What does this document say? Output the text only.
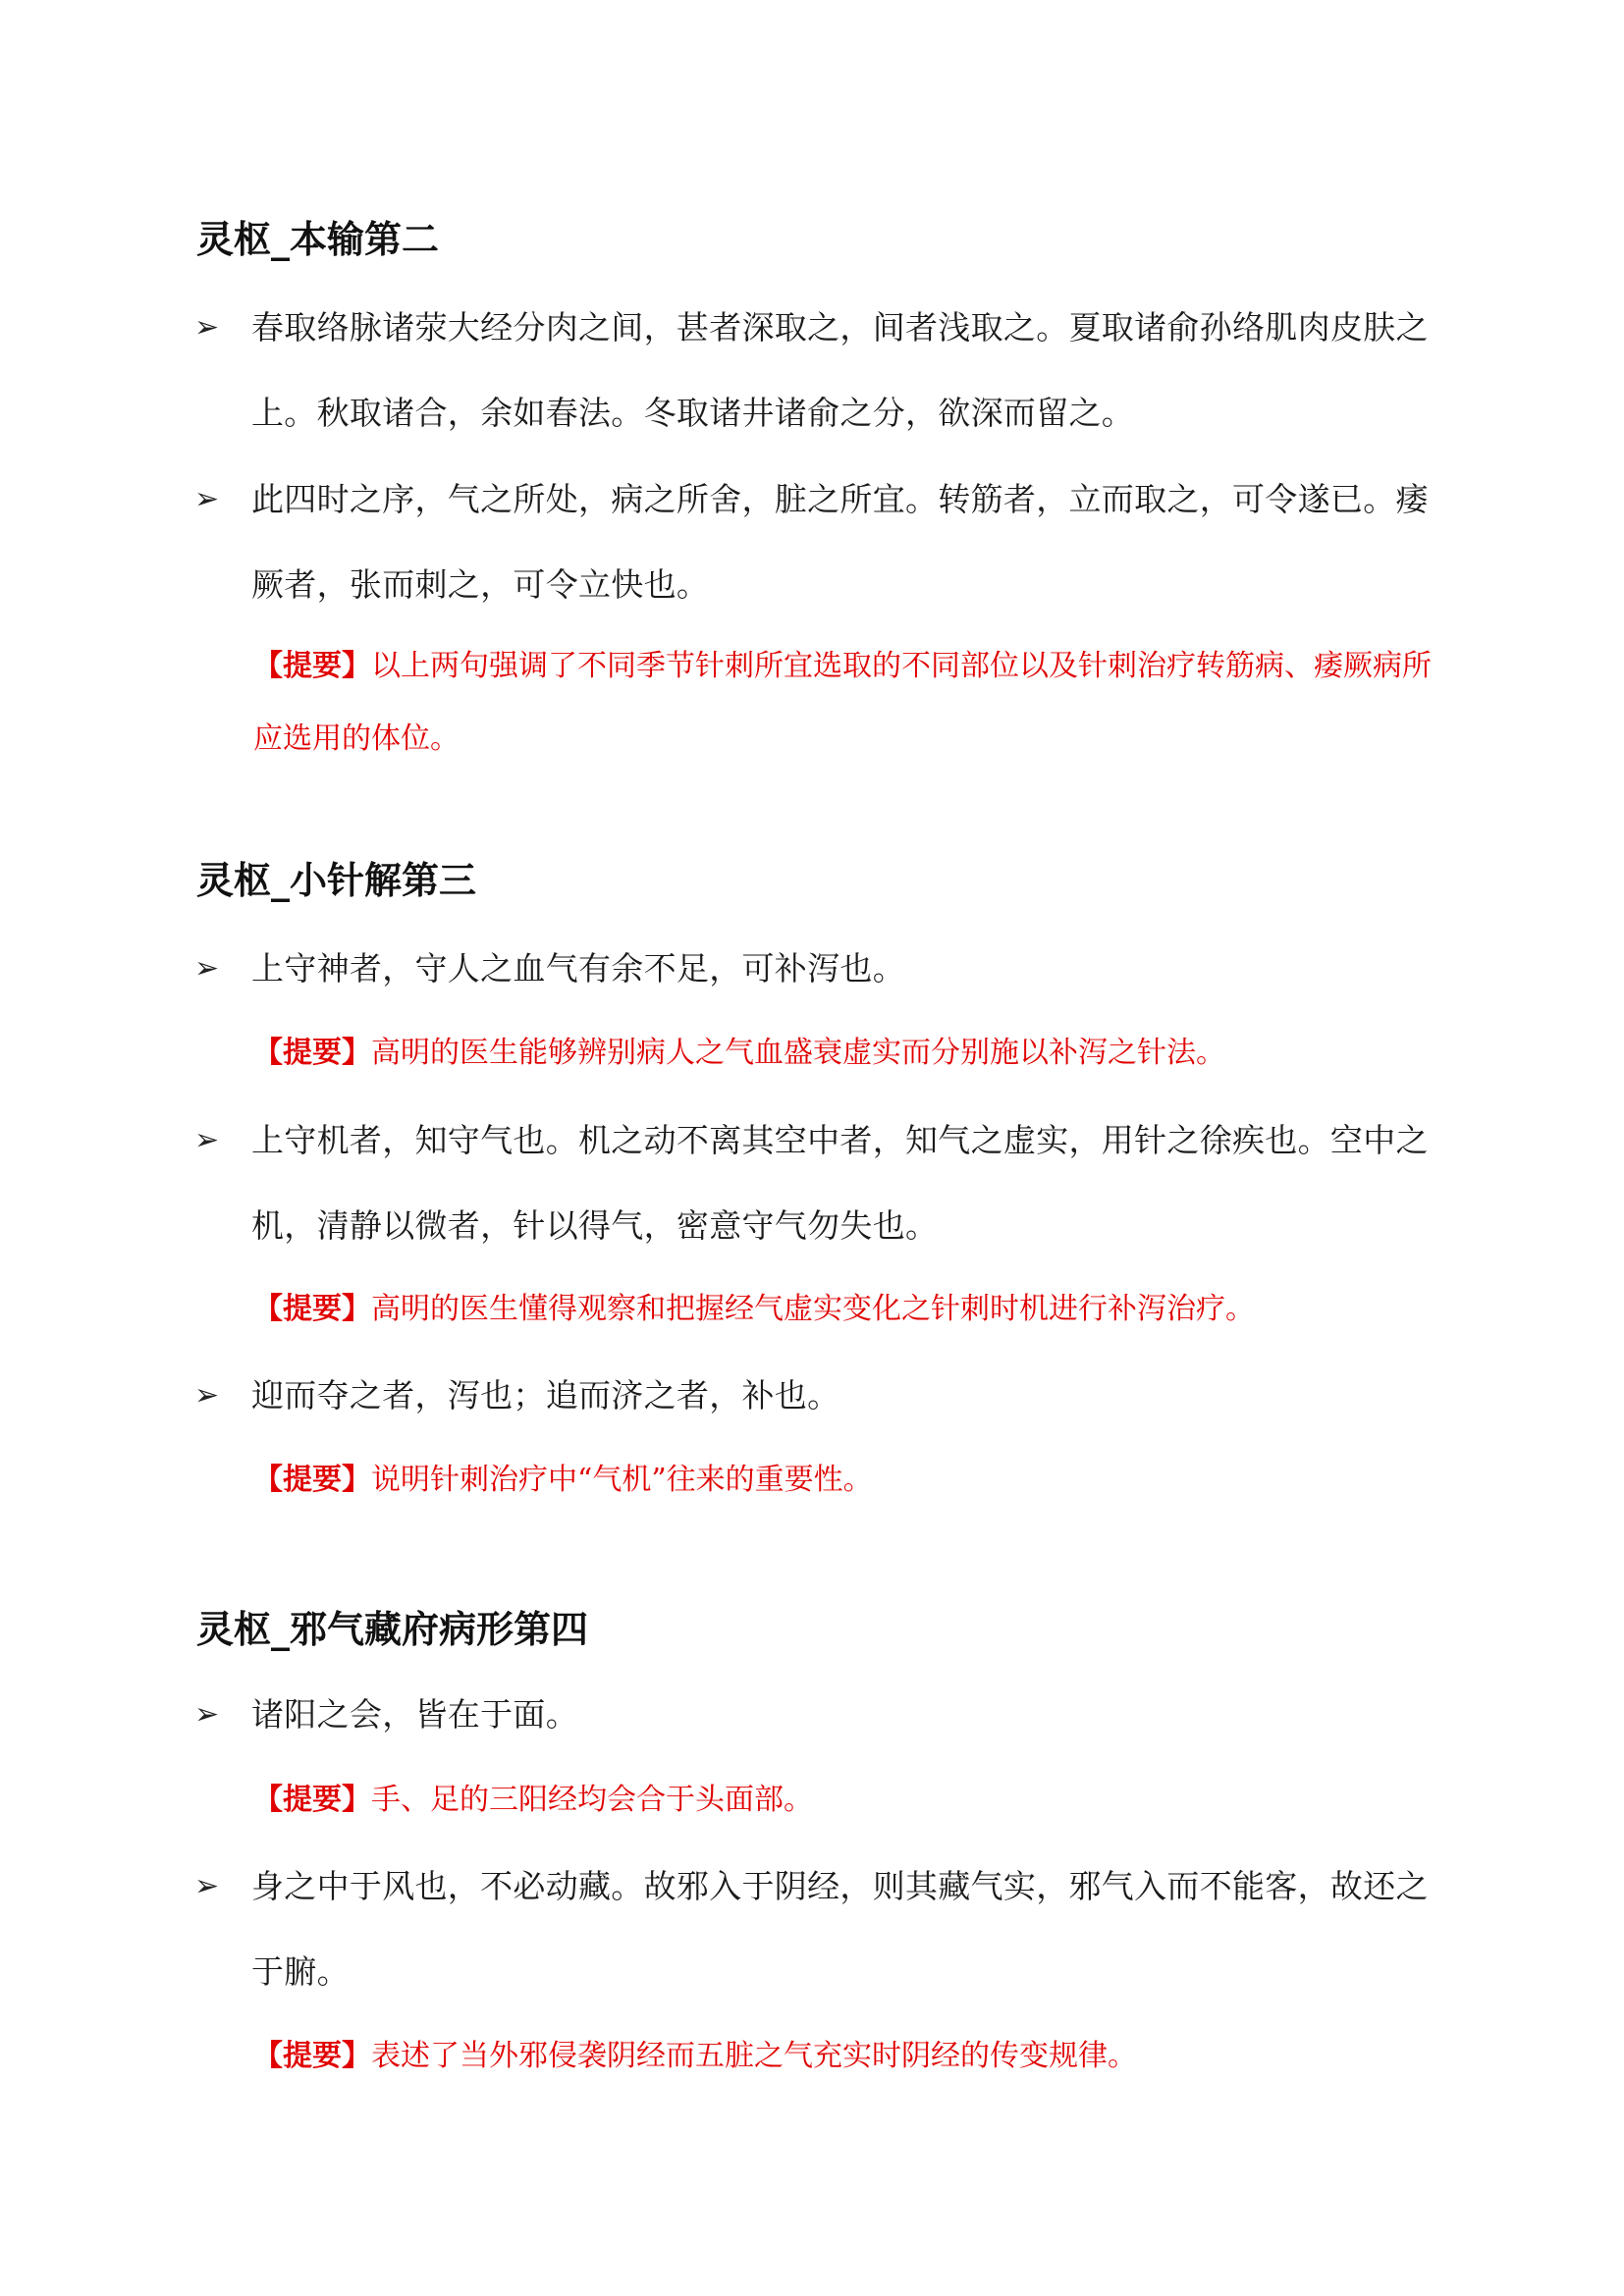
灵枢_本输第二
➢ 春取络脉诸荥大经分肉之间，甚者深取之，间者浅取之。夏取诸俞孙络肌肉皮肤之上。秋取诸合，余如春法。冬取诸井诸俞之分，欲深而留之。

➢ 此四时之序，气之所处，病之所舍，脏之所宜。转筋者，立而取之，可令遂已。痿厥者，张而刺之，可令立快也。

【提要】以上两句强调了不同季节针刺所宜选取的不同部位以及针刺治疗转筋病、痿厥病所应选用的体位。

灵枢_小针解第三
➢ 上守神者，守人之血气有余不足，可补泻也。

【提要】高明的医生能够辨别病人之气血盛衰虚实而分别施以补泻之针法。

➢ 上守机者，知守气也。机之动不离其空中者，知气之虚实，用针之徐疾也。空中之机，清静以微者，针以得气，密意守气勿失也。

【提要】高明的医生懂得观察和把握经气虚实变化之针刺时机进行补泻治疗。

➢ 迎而夺之者，泻也；追而济之者，补也。

【提要】说明针刺治疗中“气机”往来的重要性。

灵枢_邪气藏府病形第四
➢ 诸阳之会，皆在于面。

【提要】手、足的三阳经均会合于头面部。

➢ 身之中于风也，不必动藏。故邪入于阴经，则其藏气实，邪气入而不能客，故还之于腑。

【提要】表述了当外邪侵袭阴经而五脏之气充实时阴经的传变规律。
